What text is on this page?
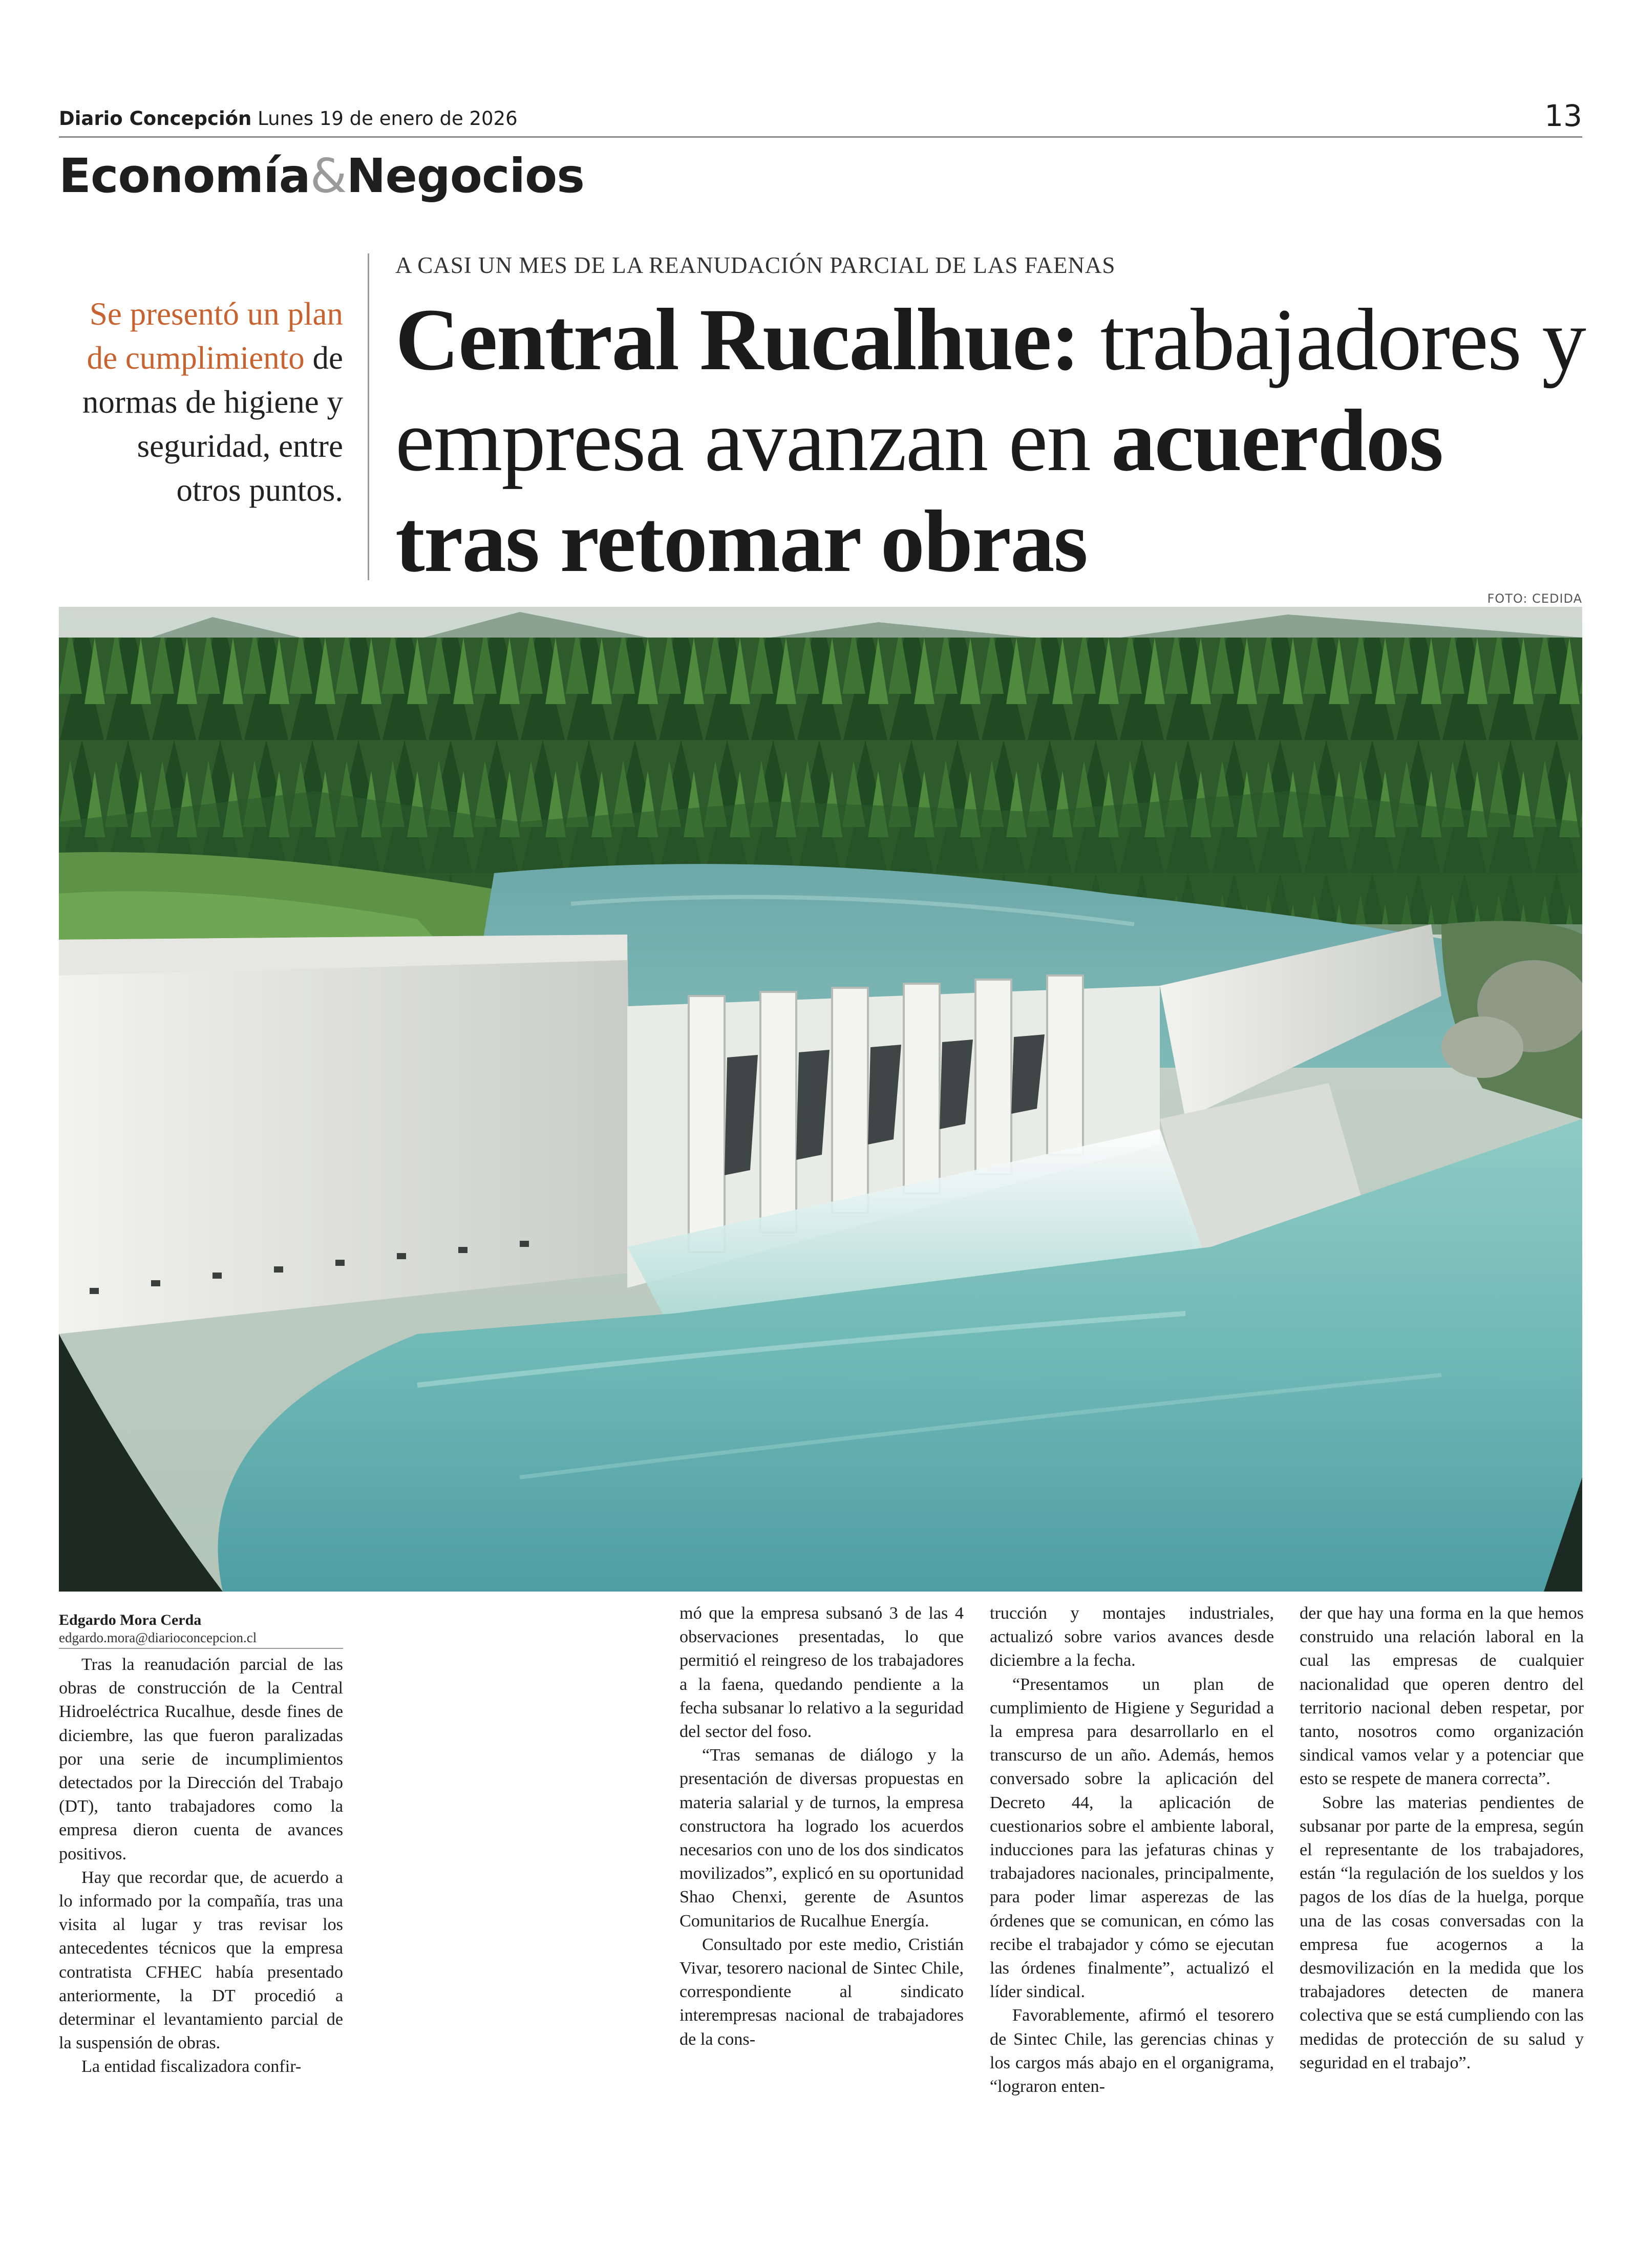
Diario Concepción Lunes 19 de enero de 2026	13
Economía&Negocios
Se presentó un plan de cumplimiento de normas de higiene y seguridad, entre otros puntos.
A CASI UN MES DE LA REANUDACIÓN PARCIAL DE LAS FAENAS
Central Rucalhue: trabajadores y empresa avanzan en acuerdos tras retomar obras
FOTO: CEDIDA
Edgardo Mora Cerda
edgardo.mora@diarioconcepcion.cl

Tras la reanudación parcial de las obras de construcción de la Central Hidroeléctrica Rucalhue, desde fines de diciembre, las que fueron paralizadas por una serie de incumplimientos detectados por la Dirección del Trabajo (DT), tanto trabajadores como la empresa dieron cuenta de avances positivos.

Hay que recordar que, de acuerdo a lo informado por la compañía, tras una visita al lugar y tras revisar los antecedentes técnicos que la empresa contratista CFHEC había presentado anteriormente, la DT procedió a determinar el levantamiento parcial de la suspensión de obras.

La entidad fiscalizadora confir-

mó que la empresa subsanó 3 de las 4 observaciones presentadas, lo que permitió el reingreso de los trabajadores a la faena, quedando pendiente a la fecha subsanar lo relativo a la seguridad del sector del foso.

“Tras semanas de diálogo y la presentación de diversas propuestas en materia salarial y de turnos, la empresa constructora ha logrado los acuerdos necesarios con uno de los dos sindicatos movilizados”, explicó en su oportunidad Shao Chenxi, gerente de Asuntos Comunitarios de Rucalhue Energía.

Consultado por este medio, Cristián Vivar, tesorero nacional de Sintec Chile, correspondiente al sindicato interempresas nacional de trabajadores de la cons-

trucción y montajes industriales, actualizó sobre varios avances desde diciembre a la fecha.

“Presentamos un plan de cumplimiento de Higiene y Seguridad a la empresa para desarrollarlo en el transcurso de un año. Además, hemos conversado sobre la aplicación del Decreto 44, la aplicación de cuestionarios sobre el ambiente laboral, inducciones para las jefaturas chinas y trabajadores nacionales, principalmente, para poder limar asperezas de las órdenes que se comunican, en cómo las recibe el trabajador y cómo se ejecutan las órdenes finalmente”, actualizó el líder sindical.

Favorablemente, afirmó el tesorero de Sintec Chile, las gerencias chinas y los cargos más abajo en el organigrama, “lograron enten-

der que hay una forma en la que hemos construido una relación laboral en la cual las empresas de cualquier nacionalidad que operen dentro del territorio nacional deben respetar, por tanto, nosotros como organización sindical vamos velar y a potenciar que esto se respete de manera correcta”.

Sobre las materias pendientes de subsanar por parte de la empresa, según el representante de los trabajadores, están “la regulación de los sueldos y los pagos de los días de la huelga, porque una de las cosas conversadas con la empresa fue acogernos a la desmovilización en la medida que los trabajadores detecten de manera colectiva que se está cumpliendo con las medidas de protección de su salud y seguridad en el trabajo”.
